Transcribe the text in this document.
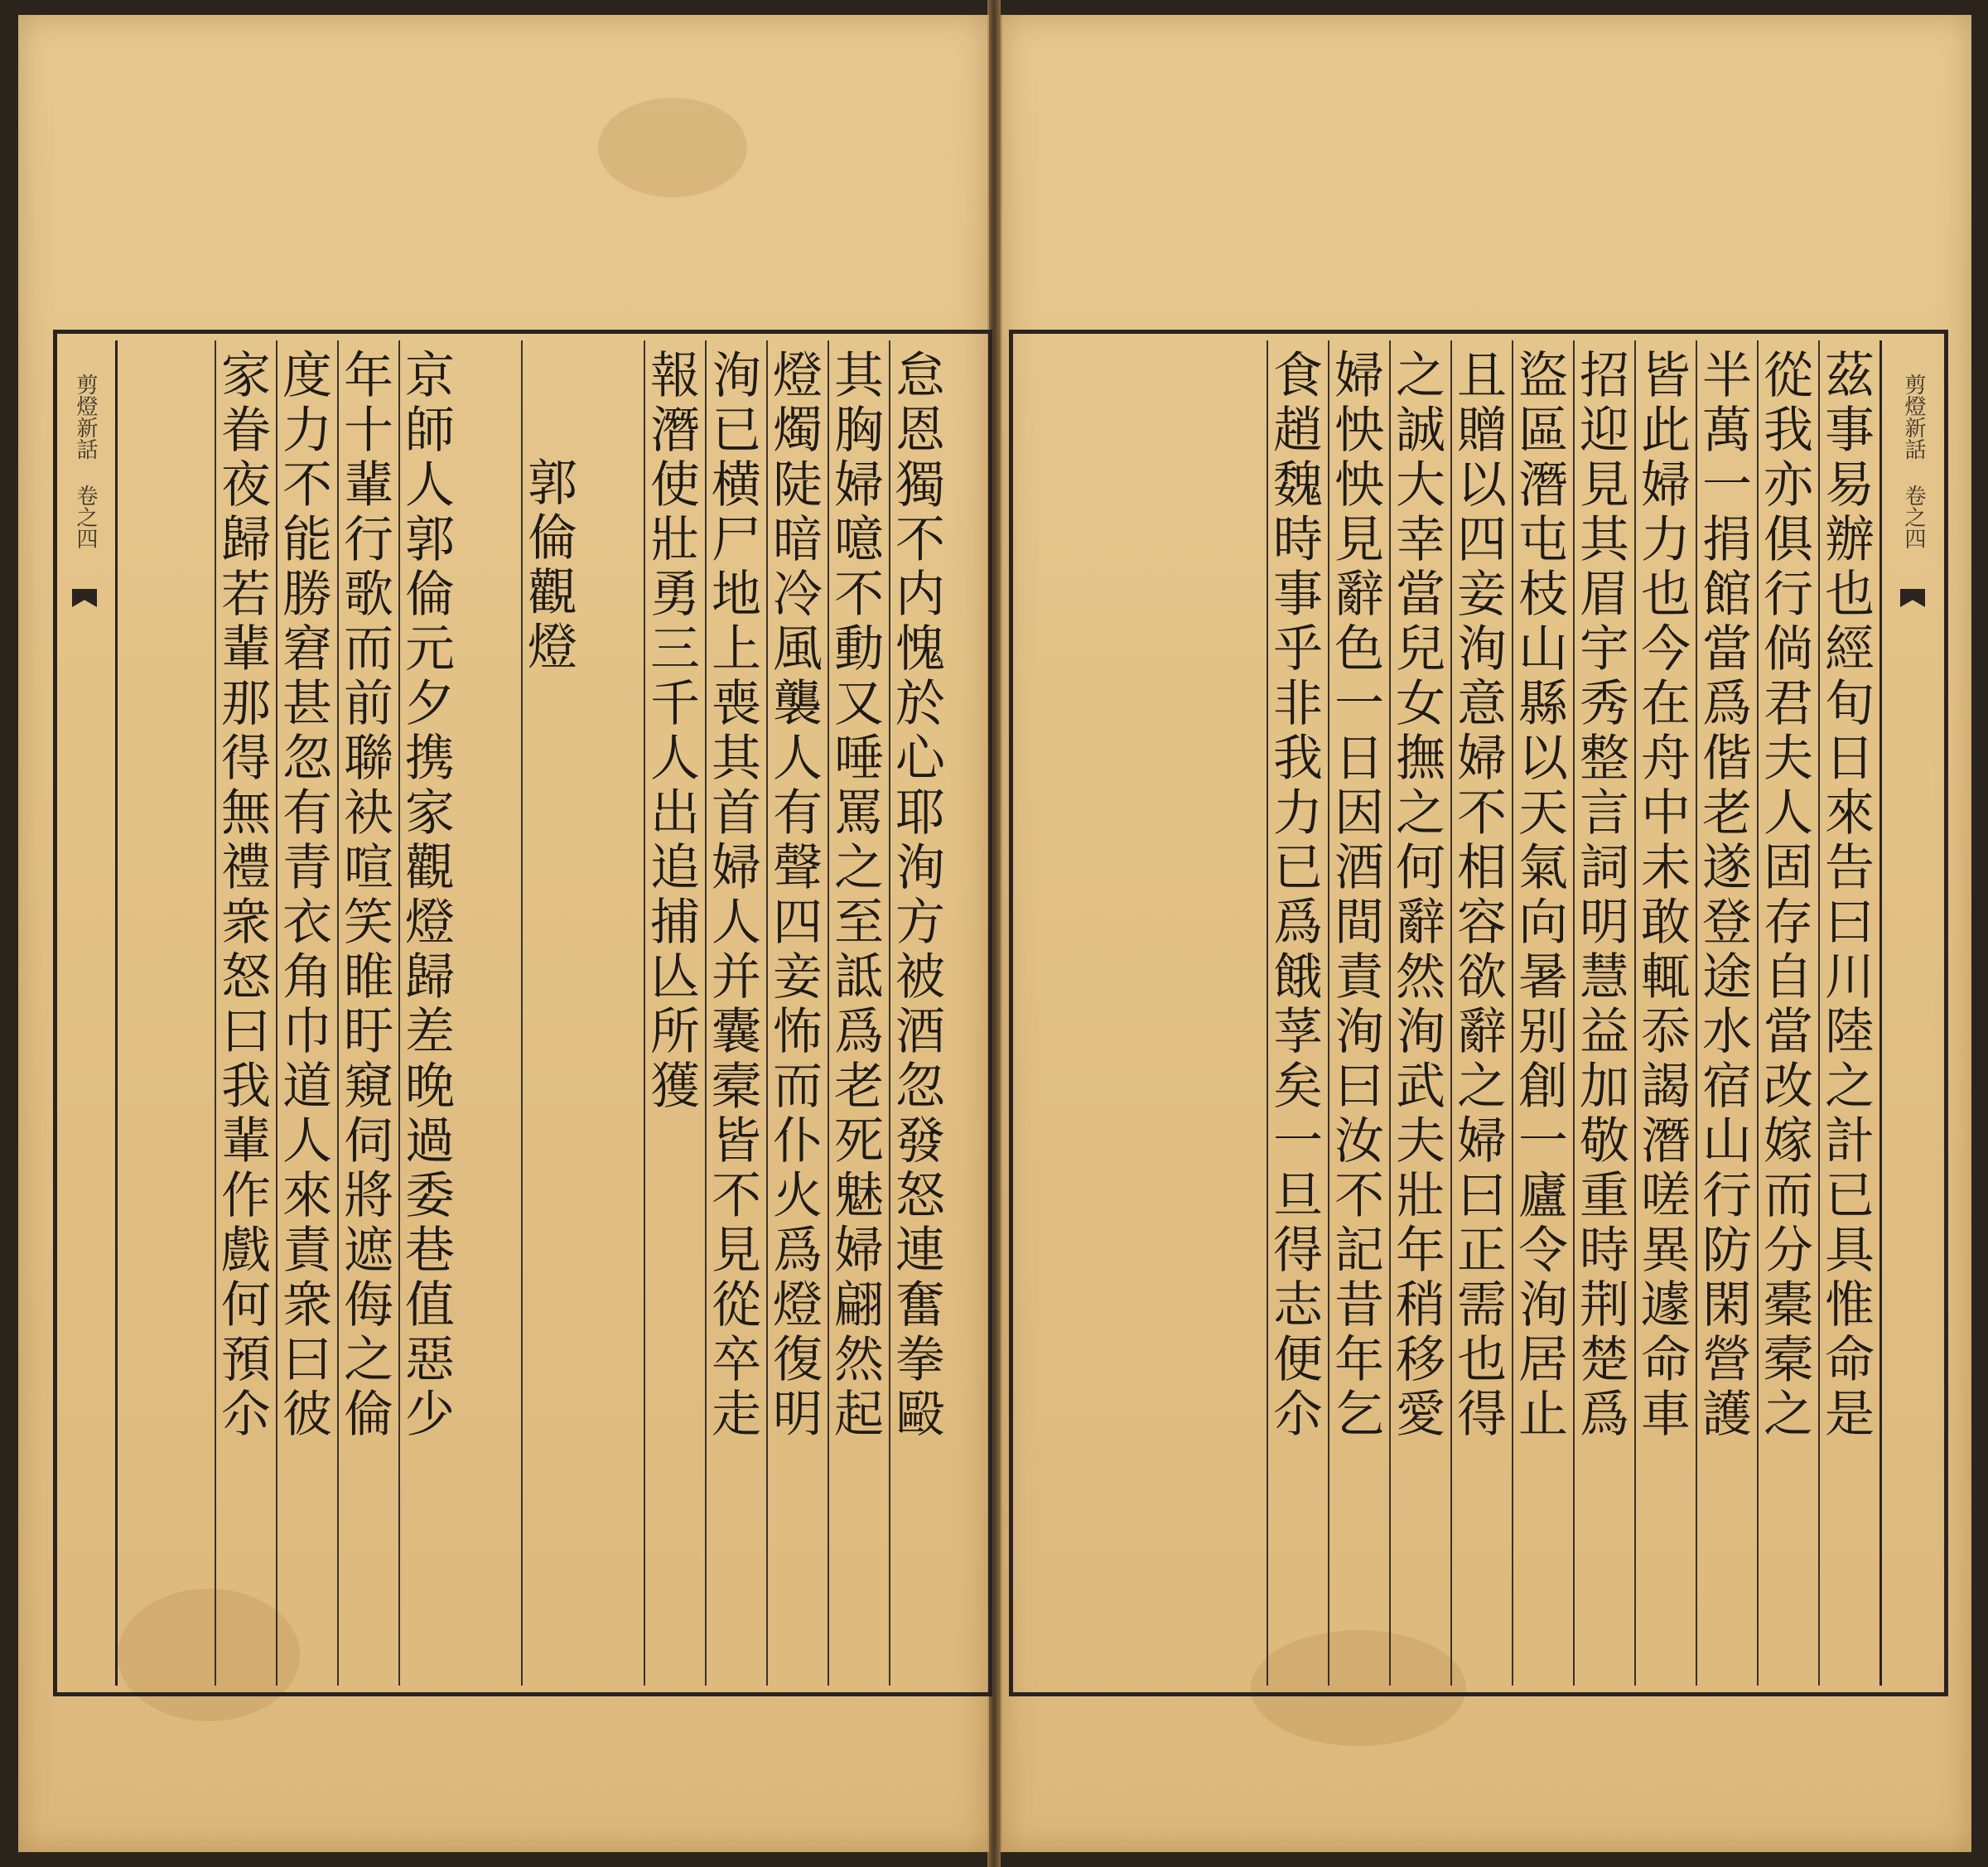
剪燈新話 卷之四	怠恩獨不内愧於心耶洵方被酒忽發怒連奮拳毆
其胸婦噫不動又唾罵之至詆爲老死魅婦翩然起
燈燭陡暗冷風襲人有聲四妾怖而仆火爲燈復明
洵已横尸地上喪其首婦人并囊槖皆不見從卒走
報潛使壯勇三千人出追捕亾所獲
郭倫觀燈
京師人郭倫元夕携家觀燈歸差晚過委巷值惡少
年十輩行歌而前聯袂喧笑睢盱窺伺將遮侮之倫
度力不能勝窘甚忽有青衣角巾道人來責衆曰彼
家眷夜歸若輩那得無禮衆怒曰我輩作戲何預尒	剪燈新話 卷之四
茲事易辦也經旬日來告曰川陸之計已具惟命是
從我亦俱行倘君夫人固存自當改嫁而分橐槖之
半萬一捐館當爲偕老遂登途水宿山行防閑營護
皆此婦力也今在舟中未敢輒忝謁潛嗟異遽命車
招迎見其眉宇秀整言詞明慧益加敬重時荆楚爲
盜區潛屯枝山縣以天氣向暑别創一廬令洵居止
且贈以四妾洵意婦不相容欲辭之婦曰正需也得
之誠大幸當兒女撫之何辭然洵武夫壯年稍移愛
婦怏怏見辭色一日因酒間責洵曰汝不記昔年乞
食趙魏時事乎非我力已爲餓莩矣一旦得志便尒
